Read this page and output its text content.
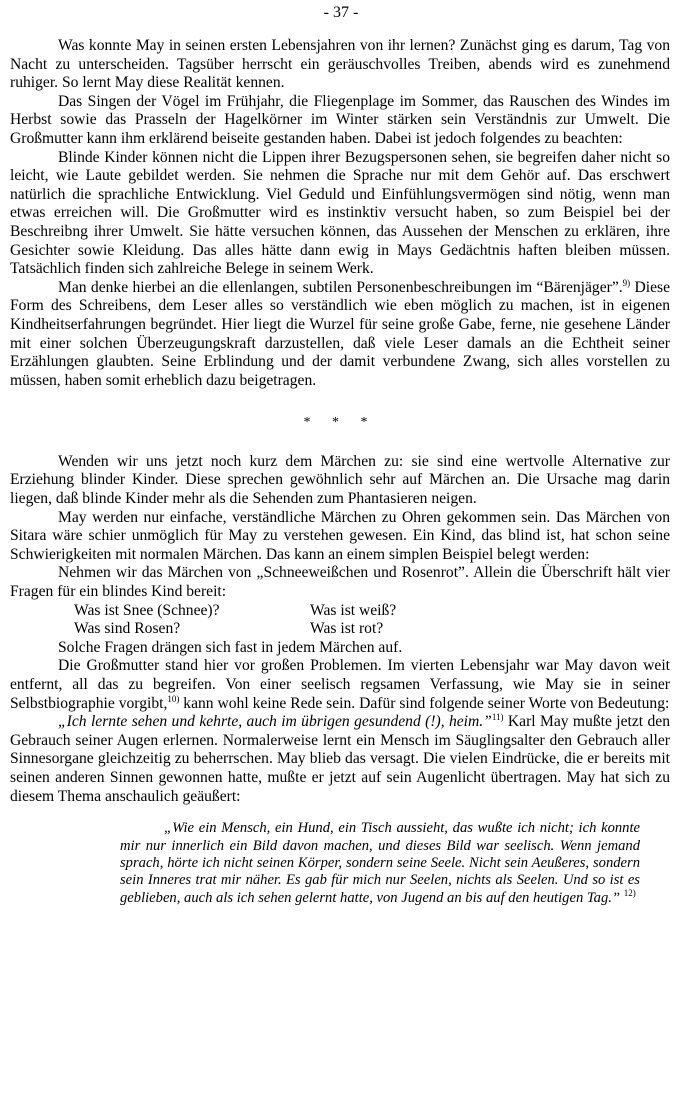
- 37 -

Was konnte May in seinen ersten Lebensjahren von ihr lernen? Zunächst ging es darum, Tag von Nacht zu unterscheiden. Tagsüber herrscht ein geräuschvolles Treiben, abends wird es zunehmend ruhiger. So lernt May diese Realität kennen.

Das Singen der Vögel im Frühjahr, die Fliegenplage im Sommer, das Rauschen des Windes im Herbst sowie das Prasseln der Hagelkörner im Winter stärken sein Verständnis zur Umwelt. Die Großmutter kann ihm erklärend beiseite gestanden haben. Dabei ist jedoch folgendes zu beachten:

Blinde Kinder können nicht die Lippen ihrer Bezugspersonen sehen, sie begreifen daher nicht so leicht, wie Laute gebildet werden. Sie nehmen die Sprache nur mit dem Gehör auf. Das erschwert natürlich die sprachliche Entwicklung. Viel Geduld und Einfühlungsvermögen sind nötig, wenn man etwas erreichen will. Die Großmutter wird es instinktiv versucht haben, so zum Beispiel bei der Beschreibng ihrer Umwelt. Sie hätte versuchen können, das Aussehen der Menschen zu erklären, ihre Gesichter sowie Kleidung. Das alles hätte dann ewig in Mays Gedächtnis haften bleiben müssen. Tatsächlich finden sich zahlreiche Belege in seinem Werk.

Man denke hierbei an die ellenlangen, subtilen Personenbeschreibungen im “Bärenjäger”.$^{9)}$ Diese Form des Schreibens, dem Leser alles so verständlich wie eben möglich zu machen, ist in eigenen Kindheitserfahrungen begründet. Hier liegt die Wurzel für seine große Gabe, ferne, nie gesehene Länder mit einer solchen Überzeugungskraft darzustellen, daß viele Leser damals an die Echtheit seiner Erzählungen glaubten. Seine Erblindung und der damit verbundene Zwang, sich alles vorstellen zu müssen, haben somit erheblich dazu beigetragen.

* * *

Wenden wir uns jetzt noch kurz dem Märchen zu: sie sind eine wertvolle Alternative zur Erziehung blinder Kinder. Diese sprechen gewöhnlich sehr auf Märchen an. Die Ursache mag darin liegen, daß blinde Kinder mehr als die Sehenden zum Phantasieren neigen.

May werden nur einfache, verständliche Märchen zu Ohren gekommen sein. Das Märchen von Sitara wäre schier unmöglich für May zu verstehen gewesen. Ein Kind, das blind ist, hat schon seine Schwierigkeiten mit normalen Märchen. Das kann an einem simplen Beispiel belegt werden:

Nehmen wir das Märchen von „Schneeweißchen und Rosenrot”. Allein die Überschrift hält vier Fragen für ein blindes Kind bereit:

Was ist Snee (Schnee)?	Was ist weiß?
Was sind Rosen?	Was ist rot?

Solche Fragen drängen sich fast in jedem Märchen auf.

Die Großmutter stand hier vor großen Problemen. Im vierten Lebensjahr war May davon weit entfernt, all das zu begreifen. Von einer seelisch regsamen Verfassung, wie May sie in seiner Selbstbiographie vorgibt,$^{10)}$ kann wohl keine Rede sein. Dafür sind folgende seiner Worte von Bedeutung:

„Ich lernte sehen und kehrte, auch im übrigen gesundend (!), heim.”$^{11)}$ Karl May mußte jetzt den Gebrauch seiner Augen erlernen. Normalerweise lernt ein Mensch im Säuglingsalter den Gebrauch aller Sinnesorgane gleichzeitig zu beherrschen. May blieb das versagt. Die vielen Eindrücke, die er bereits mit seinen anderen Sinnen gewonnen hatte, mußte er jetzt auf sein Augenlicht übertragen. May hat sich zu diesem Thema anschaulich geäußert:

„Wie ein Mensch, ein Hund, ein Tisch aussieht, das wußte ich nicht; ich konnte mir nur innerlich ein Bild davon machen, und dieses Bild war seelisch. Wenn jemand sprach, hörte ich nicht seinen Körper, sondern seine Seele. Nicht sein Aeußeres, sondern sein Inneres trat mir näher. Es gab für mich nur Seelen, nichts als Seelen. Und so ist es geblieben, auch als ich sehen gelernt hatte, von Jugend an bis auf den heutigen Tag.” $^{12)}$
